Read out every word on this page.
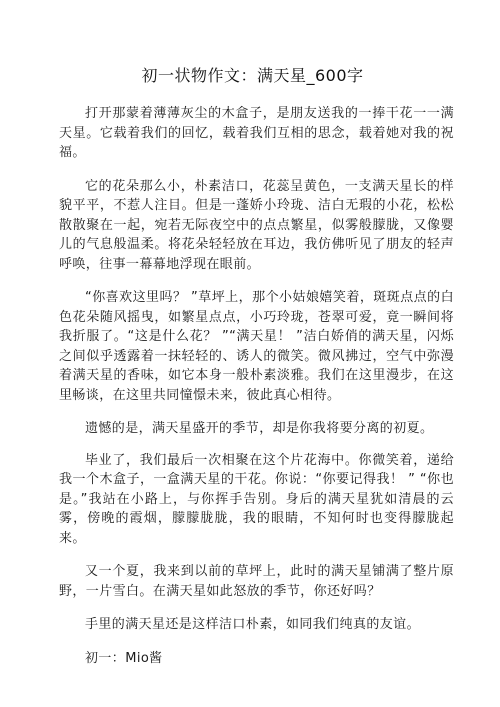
初一状物作文：满天星_600字

打开那蒙着薄薄灰尘的木盒子，是朋友送我的一捧干花一一满天星。它载着我们的回忆，载着我们互相的思念，载着她对我的祝福。

它的花朵那么小，朴素洁口，花蕊呈黄色，一支满天星长的样貌平平，不惹人注目。但是一蓬娇小玲珑、洁白无瑕的小花，松松散散聚在一起，宛若无际夜空中的点点繁星，似雾般朦胧，又像婴儿的气息般温柔。将花朵轻轻放在耳边，我仿佛听见了朋友的轻声呼唤，往事一幕幕地浮现在眼前。

“你喜欢这里吗？ ”草坪上，那个小姑娘嬉笑着，斑斑点点的白色花朵随风摇曳，如繁星点点，小巧玲珑，苍翠可爱，竟一瞬间将我折服了。“这是什么花？ ”“满天星！ ”洁白娇俏的满天星，闪烁之间似乎透露着一抹轻轻的、诱人的微笑。微风拂过，空气中弥漫着满天星的香味，如它本身一般朴素淡雅。我们在这里漫步，在这里畅谈，在这里共同憧憬未来，彼此真心相待。

遗憾的是，满天星盛开的季节，却是你我将要分离的初夏。

毕业了，我们最后一次相聚在这个片花海中。你微笑着，递给我一个木盒子，一盒满天星的干花。你说：“你要记得我！ ” “你也是。”我站在小路上，与你挥手告别。身后的满天星犹如清晨的云雾，傍晚的霞烟，朦朦胧胧，我的眼睛，不知何时也变得朦胧起来。

又一个夏，我来到以前的草坪上，此时的满天星铺满了整片原野，一片雪白。在满天星如此怒放的季节，你还好吗？

手里的满天星还是这样洁口朴素，如同我们纯真的友谊。

初一：Mio酱
